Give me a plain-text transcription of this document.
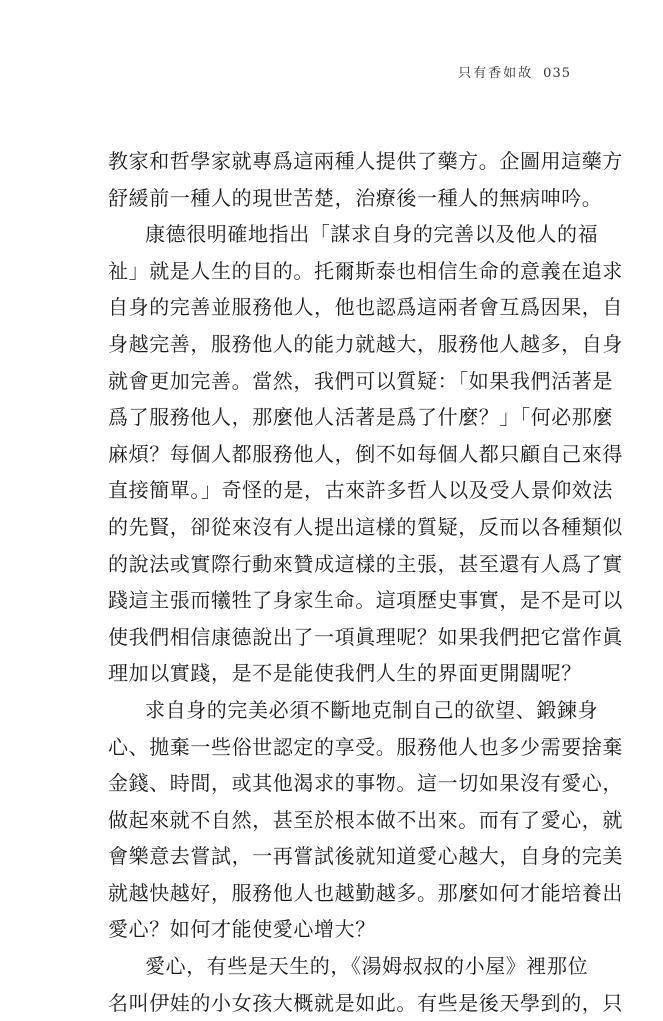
只有香如故 035
教家和哲學家就專爲這兩種人提供了藥方。企圖用這藥方
舒緩前一種人的現世苦楚，治療後一種人的無病呻吟。
康德很明確地指出「謀求自身的完善以及他人的福
祉」就是人生的目的。托爾斯泰也相信生命的意義在追求
自身的完善並服務他人，他也認爲這兩者會互爲因果，自
身越完善，服務他人的能力就越大，服務他人越多，自身
就會更加完善。當然，我們可以質疑：「如果我們活著是
爲了服務他人，那麼他人活著是爲了什麼？」「何必那麼
麻煩？每個人都服務他人，倒不如每個人都只顧自己來得
直接簡單。」奇怪的是，古來許多哲人以及受人景仰效法
的先賢，卻從來沒有人提出這樣的質疑，反而以各種類似
的說法或實際行動來贊成這樣的主張，甚至還有人爲了實
踐這主張而犧牲了身家生命。這項歷史事實，是不是可以
使我們相信康德說出了一項眞理呢？如果我們把它當作眞
理加以實踐，是不是能使我們人生的界面更開闊呢？
求自身的完美必須不斷地克制自己的欲望、鍛鍊身
心、拋棄一些俗世認定的享受。服務他人也多少需要捨棄
金錢、時間，或其他渴求的事物。這一切如果沒有愛心，
做起來就不自然，甚至於根本做不出來。而有了愛心，就
會樂意去嘗試，一再嘗試後就知道愛心越大，自身的完美
就越快越好，服務他人也越勤越多。那麼如何才能培養出
愛心？如何才能使愛心增大？
愛心，有些是天生的，《湯姆叔叔的小屋》裡那位
名叫伊娃的小女孩大概就是如此。有些是後天學到的，只
